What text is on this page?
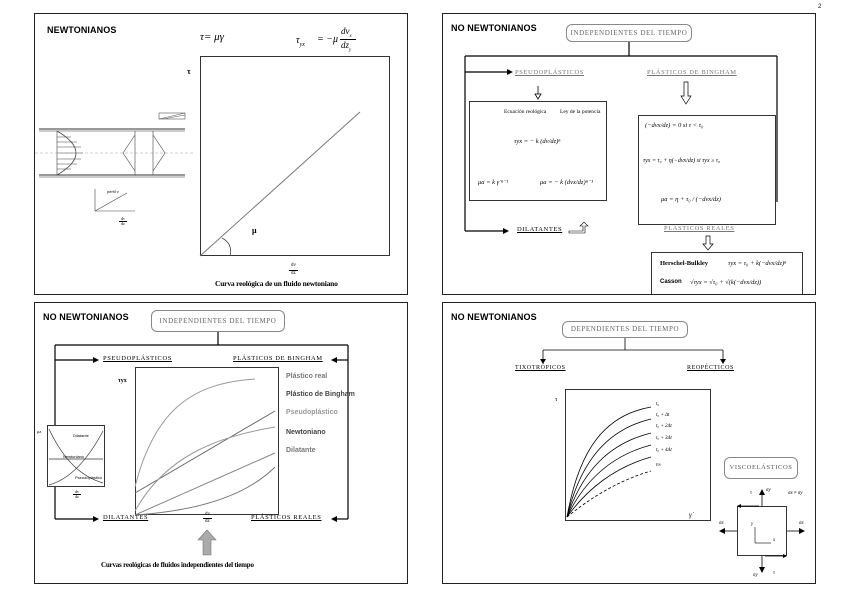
2
NEWTONIANOS
τ= μγ	$\tau_{yx} = -\mu$
$dv_x$
$dz_y$
τ
μ
dv
dz
Curva reológica de un fluido newtoniano
perfil v
dv
dz
NO NEWTONIANOS	INDEPENDIENTES DEL TIEMPO
PSEUDOPLÁSTICOS	PLÁSTICOS DE BINGHAM
Ecuación reológica Ley de la potencia
τyx = − k (dv/dz)ⁿ
μa = k γ̇ ⁿ⁻¹	μa = − k (dvx/dz)ⁿ⁻¹
(−dvx/dz) = 0 si τ < τ₀
τyx = τ₀ + η(−dvx/dz) si τyx ≥ τ₀
μa = η + τ₀ / (−dvx/dz)
DILATANTES	PLÁSTICOS REALES
Herschel-Bulkley	τyx = τ₀ + k(−dvx/dz)ⁿ
Casson √τyx = √τ₀ + √(k(−dvx/dz))
NO NEWTONIANOS	INDEPENDIENTES DEL TIEMPO
PSEUDOPLÁSTICOS	PLÁSTICOS DE BINGHAM
τyx
Plástico real
Plástico de Bingham
Pseudoplástico
Newtoniano
Dilatante
μa
Dilatante
Newtoniano
Pseudoplástico
dv
dz
DILATANTES	PLÁSTICOS REALES
dv
dz
Curvas reológicas de fluidos independientes del tiempo
NO NEWTONIANOS
DEPENDIENTES DEL TIEMPO
TIXOTRÓPICOS	REOPÉCTICOS
τ
t₀
t₀ + Δt
t₀ + 2Δt
t₀ + 3Δt
t₀ + 4Δt
t∞
γ̇
VISCOELÁSTICOS
τ
σy
σx ≠ σy
σx	σx
σy	τ
y
x
